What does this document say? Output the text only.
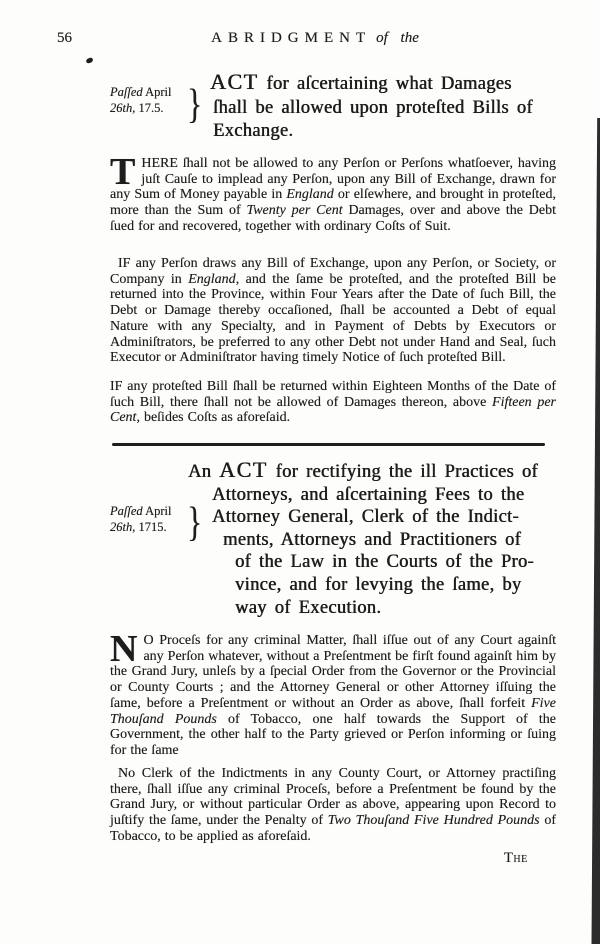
56	ABRIDGMENT of the
Paſſed April
26th, 17.5. } ACT for aſcertaining what Damages
ſhall be allowed upon proteſted Bills of
Exchange.
THERE ſhall not be allowed to any Perſon or Perſons whatſoever, having juſt Cauſe to implead any Perſon, upon any Bill of Exchange, drawn for any Sum of Money payable in England or elſewhere, and brought in proteſted, more than the Sum of Twenty per Cent Damages, over and above the Debt ſued for and recovered, together with ordinary Coſts of Suit.
IF any Perſon draws any Bill of Exchange, upon any Perſon, or Society, or Company in England, and the ſame be proteſted, and the proteſted Bill be returned into the Province, within Four Years after the Date of ſuch Bill, the Debt or Damage thereby occaſioned, ſhall be accounted a Debt of equal Nature with any Specialty, and in Payment of Debts by Executors or Adminiſtrators, be preferred to any other Debt not under Hand and Seal, ſuch Executor or Adminiſtrator having timely Notice of ſuch proteſted Bill.
IF any proteſted Bill ſhall be returned within Eighteen Months of the Date of ſuch Bill, there ſhall not be allowed of Damages thereon, above Fifteen per Cent, beſides Coſts as aforeſaid.
Paſſed April
26th, 1715. }
An ACT for rectifying the ill Practices of
Attorneys, and aſcertaining Fees to the
Attorney General, Clerk of the Indict-
ments, Attorneys and Practitioners of
of the Law in the Courts of the Pro-
vince, and for levying the ſame, by
way of Execution.
N O Proceſs for any criminal Matter, ſhall iſſue out of any Court againſt any Perſon whatever, without a Preſentment be firſt found againſt him by the Grand Jury, unleſs by a ſpecial Order from the Governor or the Provincial or County Courts ; and the Attorney General or other Attorney iſſuing the ſame, before a Preſentment or without an Order as above, ſhall forfeit Five Thouſand Pounds of Tobacco, one half towards the Support of the Government, the other half to the Party grieved or Perſon informing or ſuing for the ſame
No Clerk of the Indictments in any County Court, or Attorney practiſing there, ſhall iſſue any criminal Proceſs, before a Preſentment be found by the Grand Jury, or without particular Order as above, appearing upon Record to juſtify the ſame, under the Penalty of Two Thouſand Five Hundred Pounds of Tobacco, to be applied as aforeſaid.
The
